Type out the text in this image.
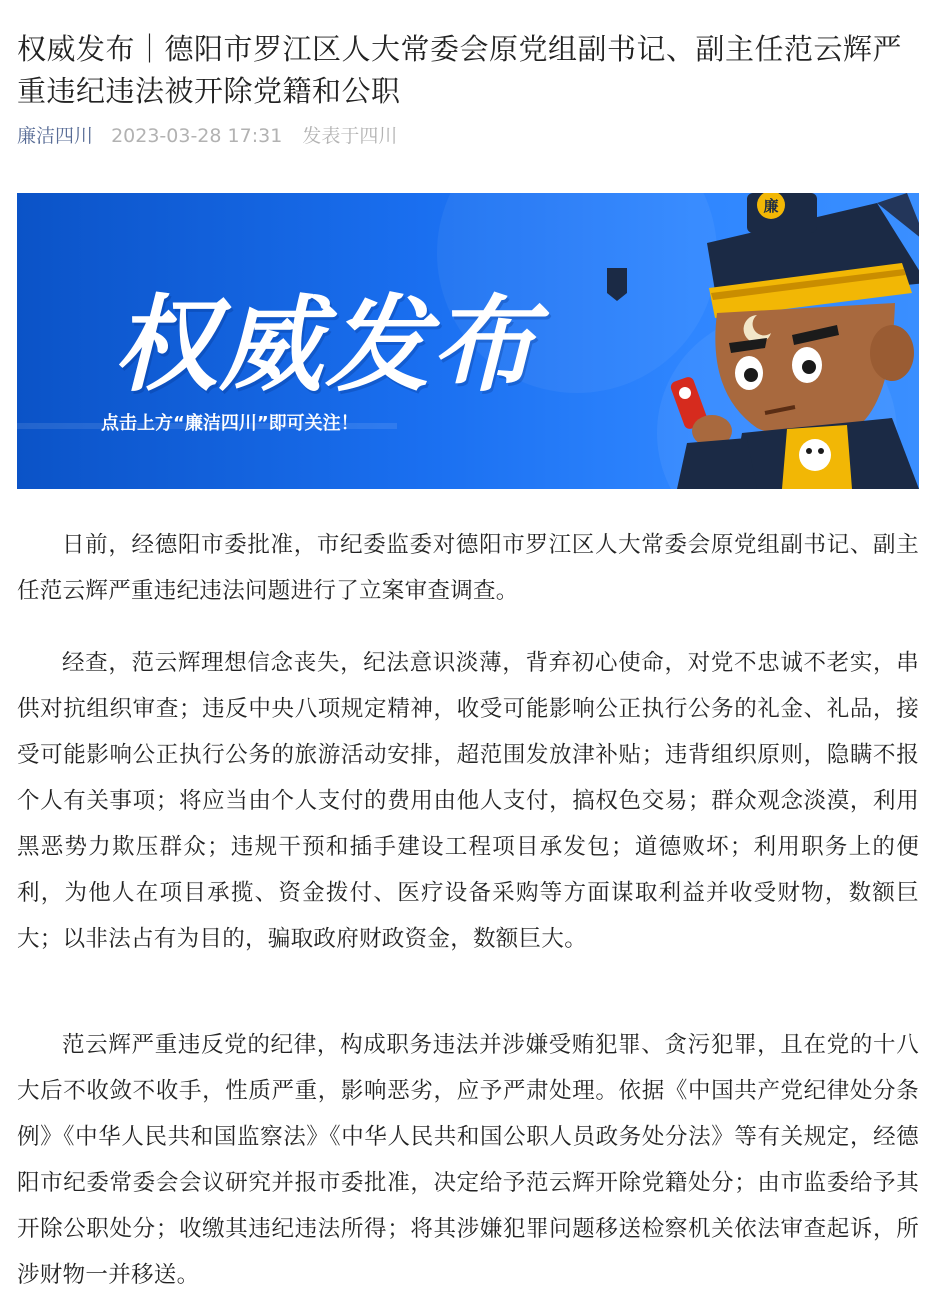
权威发布｜德阳市罗江区人大常委会原党组副书记、副主任范云辉严重违纪违法被开除党籍和公职
廉洁四川 2023-03-28 17:31 发表于四川
权威发布
点击上方“廉洁四川”即可关注！
廉

日前，经德阳市委批准，市纪委监委对德阳市罗江区人大常委会原党组副书记、副主任范云辉严重违纪违法问题进行了立案审查调查。

经查，范云辉理想信念丧失，纪法意识淡薄，背弃初心使命，对党不忠诚不老实，串供对抗组织审查；违反中央八项规定精神，收受可能影响公正执行公务的礼金、礼品，接受可能影响公正执行公务的旅游活动安排，超范围发放津补贴；违背组织原则，隐瞒不报个人有关事项；将应当由个人支付的费用由他人支付，搞权色交易；群众观念淡漠，利用黑恶势力欺压群众；违规干预和插手建设工程项目承发包；道德败坏；利用职务上的便利，为他人在项目承揽、资金拨付、医疗设备采购等方面谋取利益并收受财物，数额巨大；以非法占有为目的，骗取政府财政资金，数额巨大。

范云辉严重违反党的纪律，构成职务违法并涉嫌受贿犯罪、贪污犯罪，且在党的十八大后不收敛不收手，性质严重，影响恶劣，应予严肃处理。依据《中国共产党纪律处分条例》《中华人民共和国监察法》《中华人民共和国公职人员政务处分法》等有关规定，经德阳市纪委常委会会议研究并报市委批准，决定给予范云辉开除党籍处分；由市监委给予其开除公职处分；收缴其违纪违法所得；将其涉嫌犯罪问题移送检察机关依法审查起诉，所涉财物一并移送。
